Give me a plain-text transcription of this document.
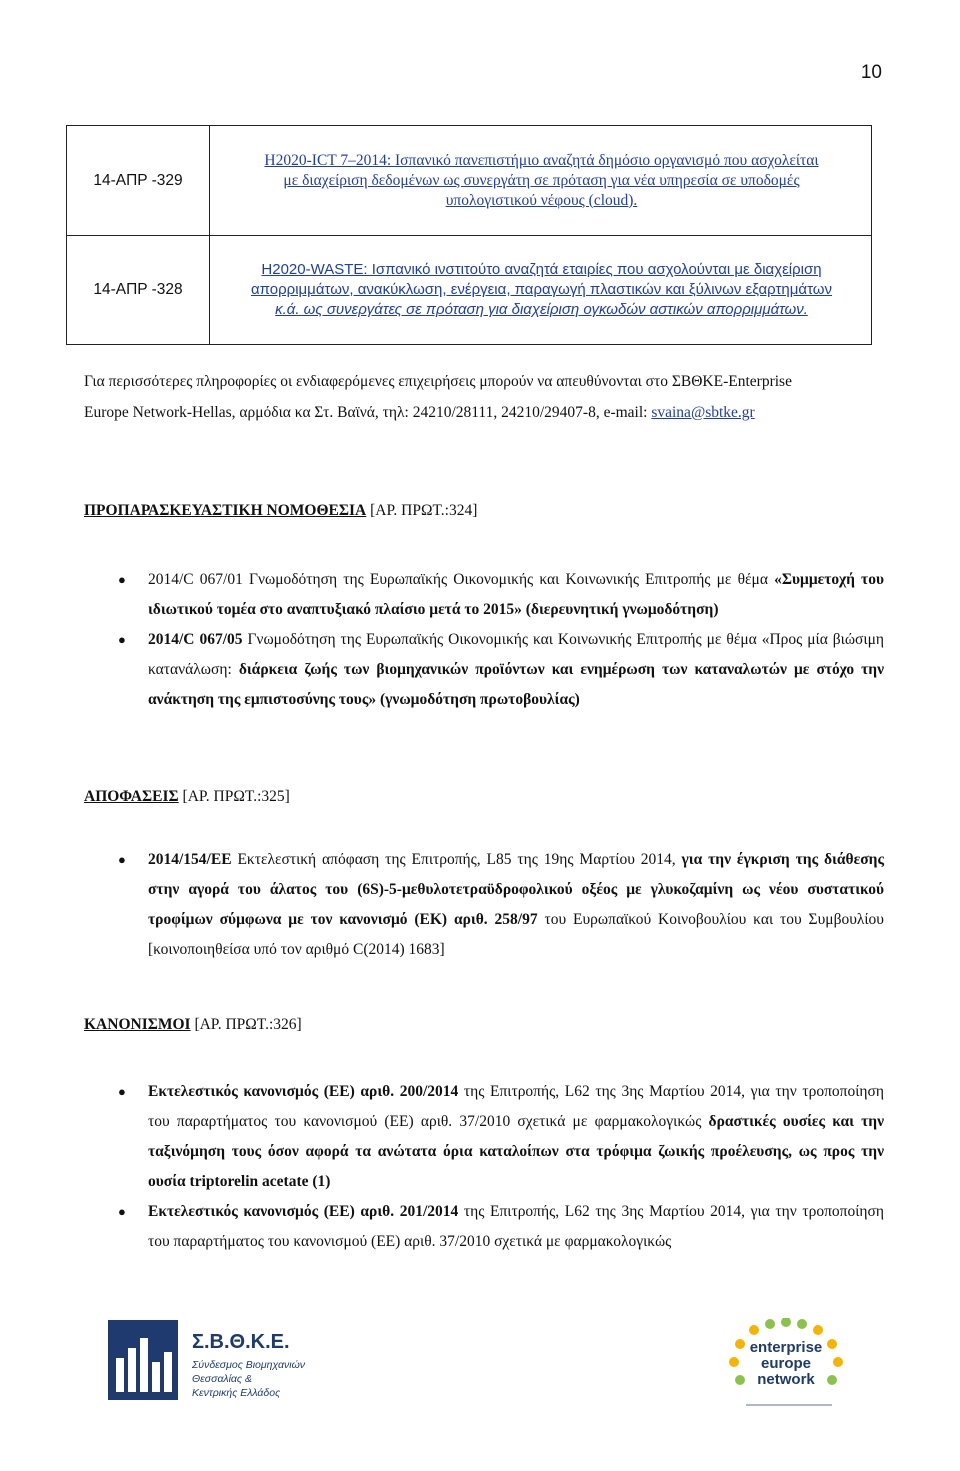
10
14-ΑΠΡ -329	H2020-ICT 7–2014: Ισπανικό πανεπιστήμιο αναζητά δημόσιο οργανισμό που ασχολείται
με διαχείριση δεδομένων ως συνεργάτη σε πρόταση για νέα υπηρεσία σε υποδομές
υπολογιστικού νέφους (cloud).

14-ΑΠΡ -328	H2020-WASTE: Ισπανικό ινστιτούτο αναζητά εταιρίες που ασχολούνται με διαχείριση
απορριμμάτων, ανακύκλωση, ενέργεια, παραγωγή πλαστικών και ξύλινων εξαρτημάτων
κ.ά. ως συνεργάτες σε πρόταση για διαχείριση ογκωδών αστικών απορριμμάτων.

Για περισσότερες πληροφορίες οι ενδιαφερόμενες επιχειρήσεις μπορούν να απευθύνονται στο ΣΒΘΚΕ-Enterprise
Europe Network-Hellas, αρμόδια κα Στ. Βαϊνά, τηλ: 24210/28111, 24210/29407-8, e-mail: svaina@sbtke.gr

ΠΡΟΠΑΡΑΣΚΕΥΑΣΤΙΚΗ ΝΟΜΟΘΕΣΙΑ [ΑΡ. ΠΡΩΤ.:324]

● 2014/C 067/01 Γνωμοδότηση της Ευρωπαϊκής Οικονομικής και Κοινωνικής Επιτροπής με θέμα «Συμμετοχή του ιδιωτικού τομέα στο αναπτυξιακό πλαίσιο μετά το 2015» (διερευνητική γνωμοδότηση)
● 2014/C 067/05 Γνωμοδότηση της Ευρωπαϊκής Οικονομικής και Κοινωνικής Επιτροπής με θέμα «Προς μία βιώσιμη κατανάλωση: διάρκεια ζωής των βιομηχανικών προϊόντων και ενημέρωση των καταναλωτών με στόχο την ανάκτηση της εμπιστοσύνης τους» (γνωμοδότηση πρωτοβουλίας)

ΑΠΟΦΑΣΕΙΣ [ΑΡ. ΠΡΩΤ.:325]

● 2014/154/ΕΕ Εκτελεστική απόφαση της Επιτροπής, L85 της 19ης Μαρτίου 2014, για την έγκριση της διάθεσης στην αγορά του άλατος του (6S)-5-μεθυλοτετραϋδροφολικού οξέος με γλυκοζαμίνη ως νέου συστατικού τροφίμων σύμφωνα με τον κανονισμό (ΕΚ) αριθ. 258/97 του Ευρωπαϊκού Κοινοβουλίου και του Συμβουλίου [κοινοποιηθείσα υπό τον αριθμό C(2014) 1683]

ΚΑΝΟΝΙΣΜΟΙ [ΑΡ. ΠΡΩΤ.:326]

● Εκτελεστικός κανονισμός (ΕΕ) αριθ. 200/2014 της Επιτροπής, L62 της 3ης Μαρτίου 2014, για την τροποποίηση του παραρτήματος του κανονισμού (ΕΕ) αριθ. 37/2010 σχετικά με φαρμακολογικώς δραστικές ουσίες και την ταξινόμηση τους όσον αφορά τα ανώτατα όρια καταλοίπων στα τρόφιμα ζωικής προέλευσης, ως προς την ουσία triptorelin acetate (1)
● Εκτελεστικός κανονισμός (ΕΕ) αριθ. 201/2014 της Επιτροπής, L62 της 3ης Μαρτίου 2014, για την τροποποίηση του παραρτήματος του κανονισμού (ΕΕ) αριθ. 37/2010 σχετικά με φαρμακολογικώς
Σ.Β.Θ.Κ.Ε.
Σύνδεσμος Βιομηχανιών
Θεσσαλίας &
Κεντρικής Ελλάδος
enterprise
europe
network
